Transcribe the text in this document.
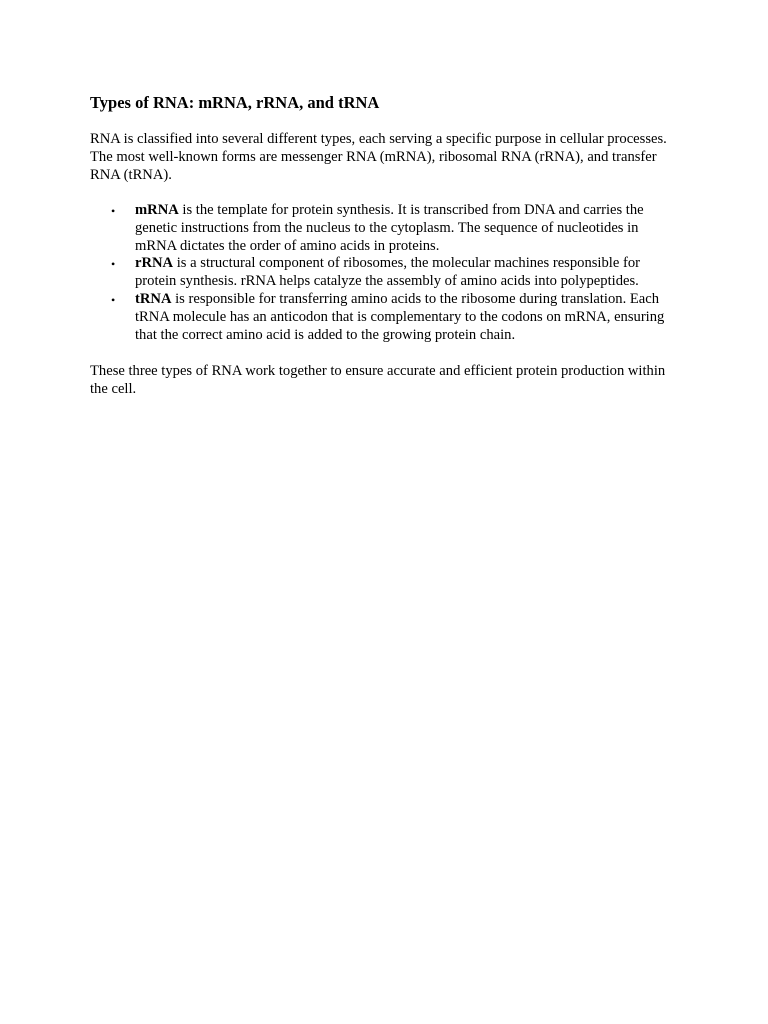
Types of RNA: mRNA, rRNA, and tRNA

RNA is classified into several different types, each serving a specific purpose in cellular processes. The most well-known forms are messenger RNA (mRNA), ribosomal RNA (rRNA), and transfer RNA (tRNA).

• mRNA is the template for protein synthesis. It is transcribed from DNA and carries the genetic instructions from the nucleus to the cytoplasm. The sequence of nucleotides in mRNA dictates the order of amino acids in proteins.
• rRNA is a structural component of ribosomes, the molecular machines responsible for protein synthesis. rRNA helps catalyze the assembly of amino acids into polypeptides.
• tRNA is responsible for transferring amino acids to the ribosome during translation. Each tRNA molecule has an anticodon that is complementary to the codons on mRNA, ensuring that the correct amino acid is added to the growing protein chain.

These three types of RNA work together to ensure accurate and efficient protein production within the cell.
